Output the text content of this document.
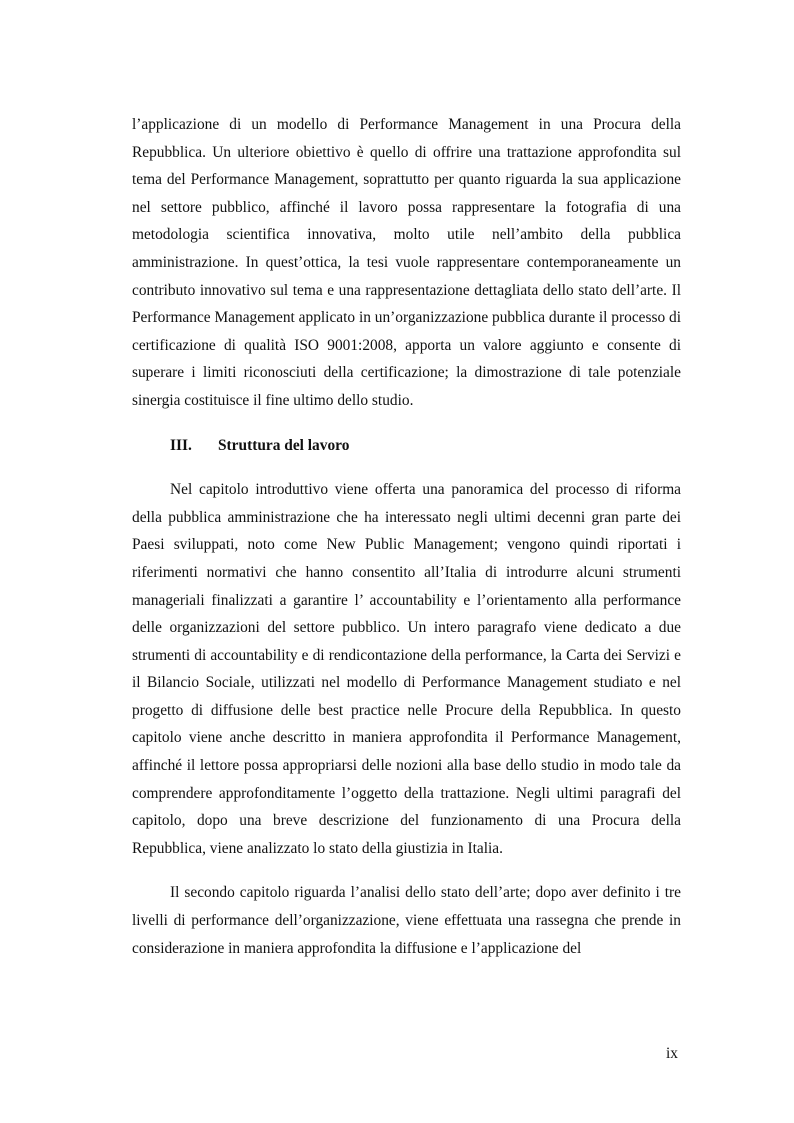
l’applicazione di un modello di Performance Management in una Procura della Repubblica. Un ulteriore obiettivo è quello di offrire una trattazione approfondita sul tema del Performance Management, soprattutto per quanto riguarda la sua applicazione nel settore pubblico, affinché il lavoro possa rappresentare la fotografia di una metodologia scientifica innovativa, molto utile nell’ambito della pubblica amministrazione. In quest’ottica, la tesi vuole rappresentare contemporaneamente un contributo innovativo sul tema e una rappresentazione dettagliata dello stato dell’arte. Il Performance Management applicato in un’organizzazione pubblica durante il processo di certificazione di qualità ISO 9001:2008, apporta un valore aggiunto e consente di superare i limiti riconosciuti della certificazione; la dimostrazione di tale potenziale sinergia costituisce il fine ultimo dello studio.

III. Struttura del lavoro

Nel capitolo introduttivo viene offerta una panoramica del processo di riforma della pubblica amministrazione che ha interessato negli ultimi decenni gran parte dei Paesi sviluppati, noto come New Public Management; vengono quindi riportati i riferimenti normativi che hanno consentito all’Italia di introdurre alcuni strumenti manageriali finalizzati a garantire l’ accountability e l’orientamento alla performance delle organizzazioni del settore pubblico. Un intero paragrafo viene dedicato a due strumenti di accountability e di rendicontazione della performance, la Carta dei Servizi e il Bilancio Sociale, utilizzati nel modello di Performance Management studiato e nel progetto di diffusione delle best practice nelle Procure della Repubblica. In questo capitolo viene anche descritto in maniera approfondita il Performance Management, affinché il lettore possa appropriarsi delle nozioni alla base dello studio in modo tale da comprendere approfonditamente l’oggetto della trattazione. Negli ultimi paragrafi del capitolo, dopo una breve descrizione del funzionamento di una Procura della Repubblica, viene analizzato lo stato della giustizia in Italia.

Il secondo capitolo riguarda l’analisi dello stato dell’arte; dopo aver definito i tre livelli di performance dell’organizzazione, viene effettuata una rassegna che prende in considerazione in maniera approfondita la diffusione e l’applicazione del

ix
